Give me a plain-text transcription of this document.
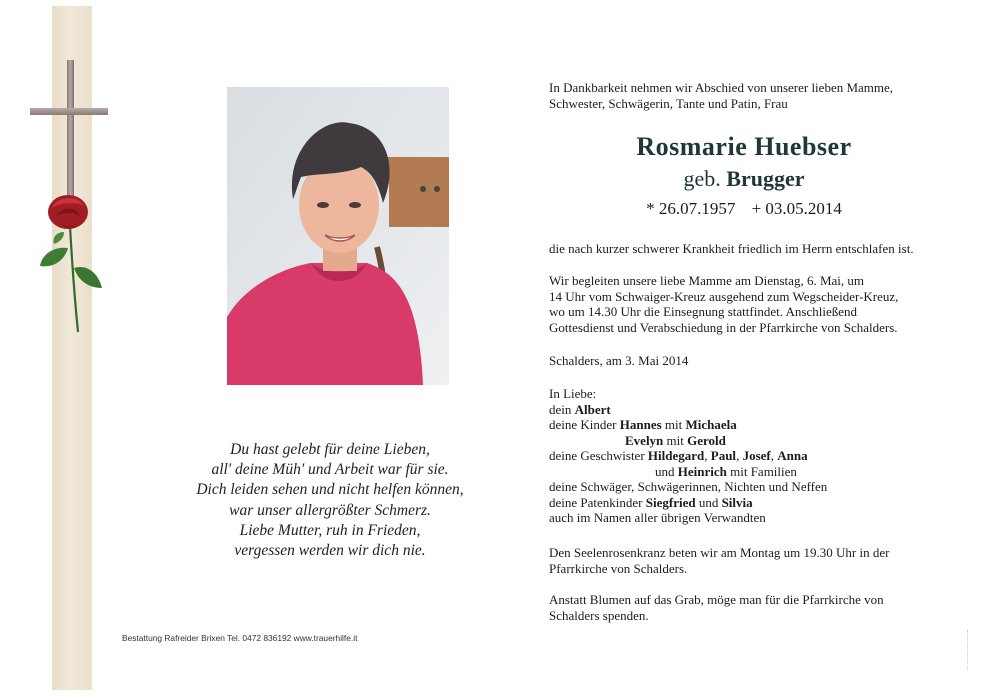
Du hast gelebt für deine Lieben,
all' deine Müh' und Arbeit war für sie.
Dich leiden sehen und nicht helfen können,
war unser allergrößter Schmerz.
Liebe Mutter, ruh in Frieden,
vergessen werden wir dich nie.
Bestattung Rafreider Brixen Tel. 0472 836192 www.trauerhilfe.it
In Dankbarkeit nehmen wir Abschied von unserer lieben Mamme,
Schwester, Schwägerin, Tante und Patin, Frau
Rosmarie Huebser
geb. Brugger
* 26.07.1957 + 03.05.2014
die nach kurzer schwerer Krankheit friedlich im Herrn entschlafen ist.
Wir begleiten unsere liebe Mamme am Dienstag, 6. Mai, um
14 Uhr vom Schwaiger-Kreuz ausgehend zum Wegscheider-Kreuz,
wo um 14.30 Uhr die Einsegnung stattfindet. Anschließend
Gottesdienst und Verabschiedung in der Pfarrkirche von Schalders.
Schalders, am 3. Mai 2014
In Liebe:
dein Albert
deine Kinder Hannes mit Michaela
Evelyn mit Gerold
deine Geschwister Hildegard, Paul, Josef, Anna
und Heinrich mit Familien
deine Schwäger, Schwägerinnen, Nichten und Neffen
deine Patenkinder Siegfried und Silvia
auch im Namen aller übrigen Verwandten
Den Seelenrosenkranz beten wir am Montag um 19.30 Uhr in der
Pfarrkirche von Schalders.
Anstatt Blumen auf das Grab, möge man für die Pfarrkirche von
Schalders spenden.
